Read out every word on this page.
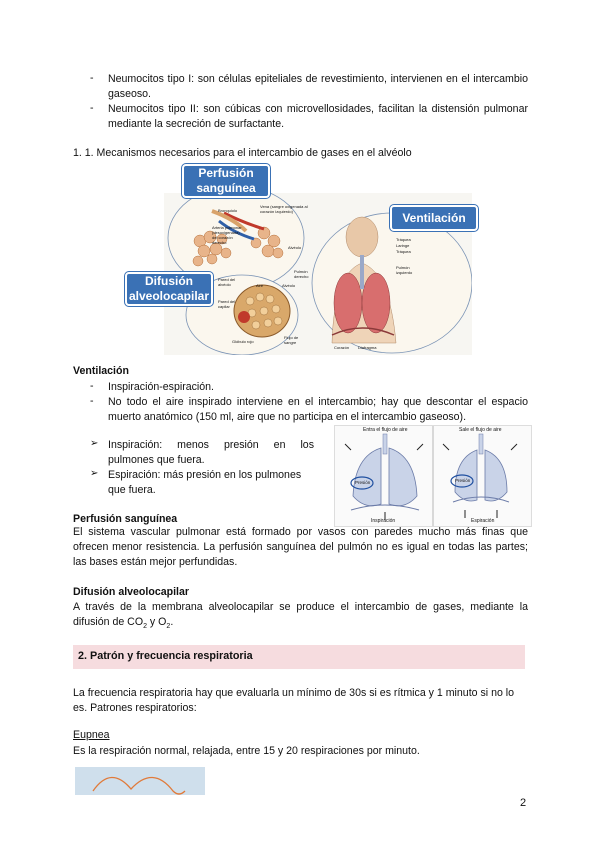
- Neumocitos tipo I: son células epiteliales de revestimiento, intervienen en el intercambio gaseoso.
- Neumocitos tipo II: son cúbicas con microvellosidades, facilitan la distensión pulmonar mediante la secreción de surfactante.
1. 1. Mecanismos necesarios para el intercambio de gases en el alvéolo
Bronquiolo
Vena (sangre oxigenada al corazón izquierdo)
Arteria pulmonar (desoxigenada) del corazón derecho
Alvéolo
Tráquea
Laringe
Tráquea
Pulmón derecho
Pulmón izquierdo
Pared del alvéolo	Aire	Alvéolo
Pared del capilar
Glóbulo rojo
Flujo de sangre
Corazón Diafragma
Perfusión sanguínea
Ventilación
Difusión alveolocapilar
Ventilación
- Inspiración-espiración.
- No todo el aire inspirado interviene en el intercambio; hay que descontar el espacio muerto anatómico (150 ml, aire que no participa en el intercambio gaseoso).
➢ Inspiración: menos presión en los pulmones que fuera.
➢ Espiración: más presión en los pulmones que fuera.
Entra el flujo de aire	Sale el flujo de aire
Inspiración	Espiración
Presión	Presión
Perfusión sanguínea
El sistema vascular pulmonar está formado por vasos con paredes mucho más finas que ofrecen menor resistencia. La perfusión sanguínea del pulmón no es igual en todas las partes; las bases están mejor perfundidas.
Difusión alveolocapilar
A través de la membrana alveolocapilar se produce el intercambio de gases, mediante la difusión de $CO_2$ y $O_2$.
2. Patrón y frecuencia respiratoria
La frecuencia respiratoria hay que evaluarla un mínimo de 30s si es rítmica y 1 minuto si no lo es. Patrones respiratorios:
Eupnea
Es la respiración normal, relajada, entre 15 y 20 respiraciones por minuto.
2
